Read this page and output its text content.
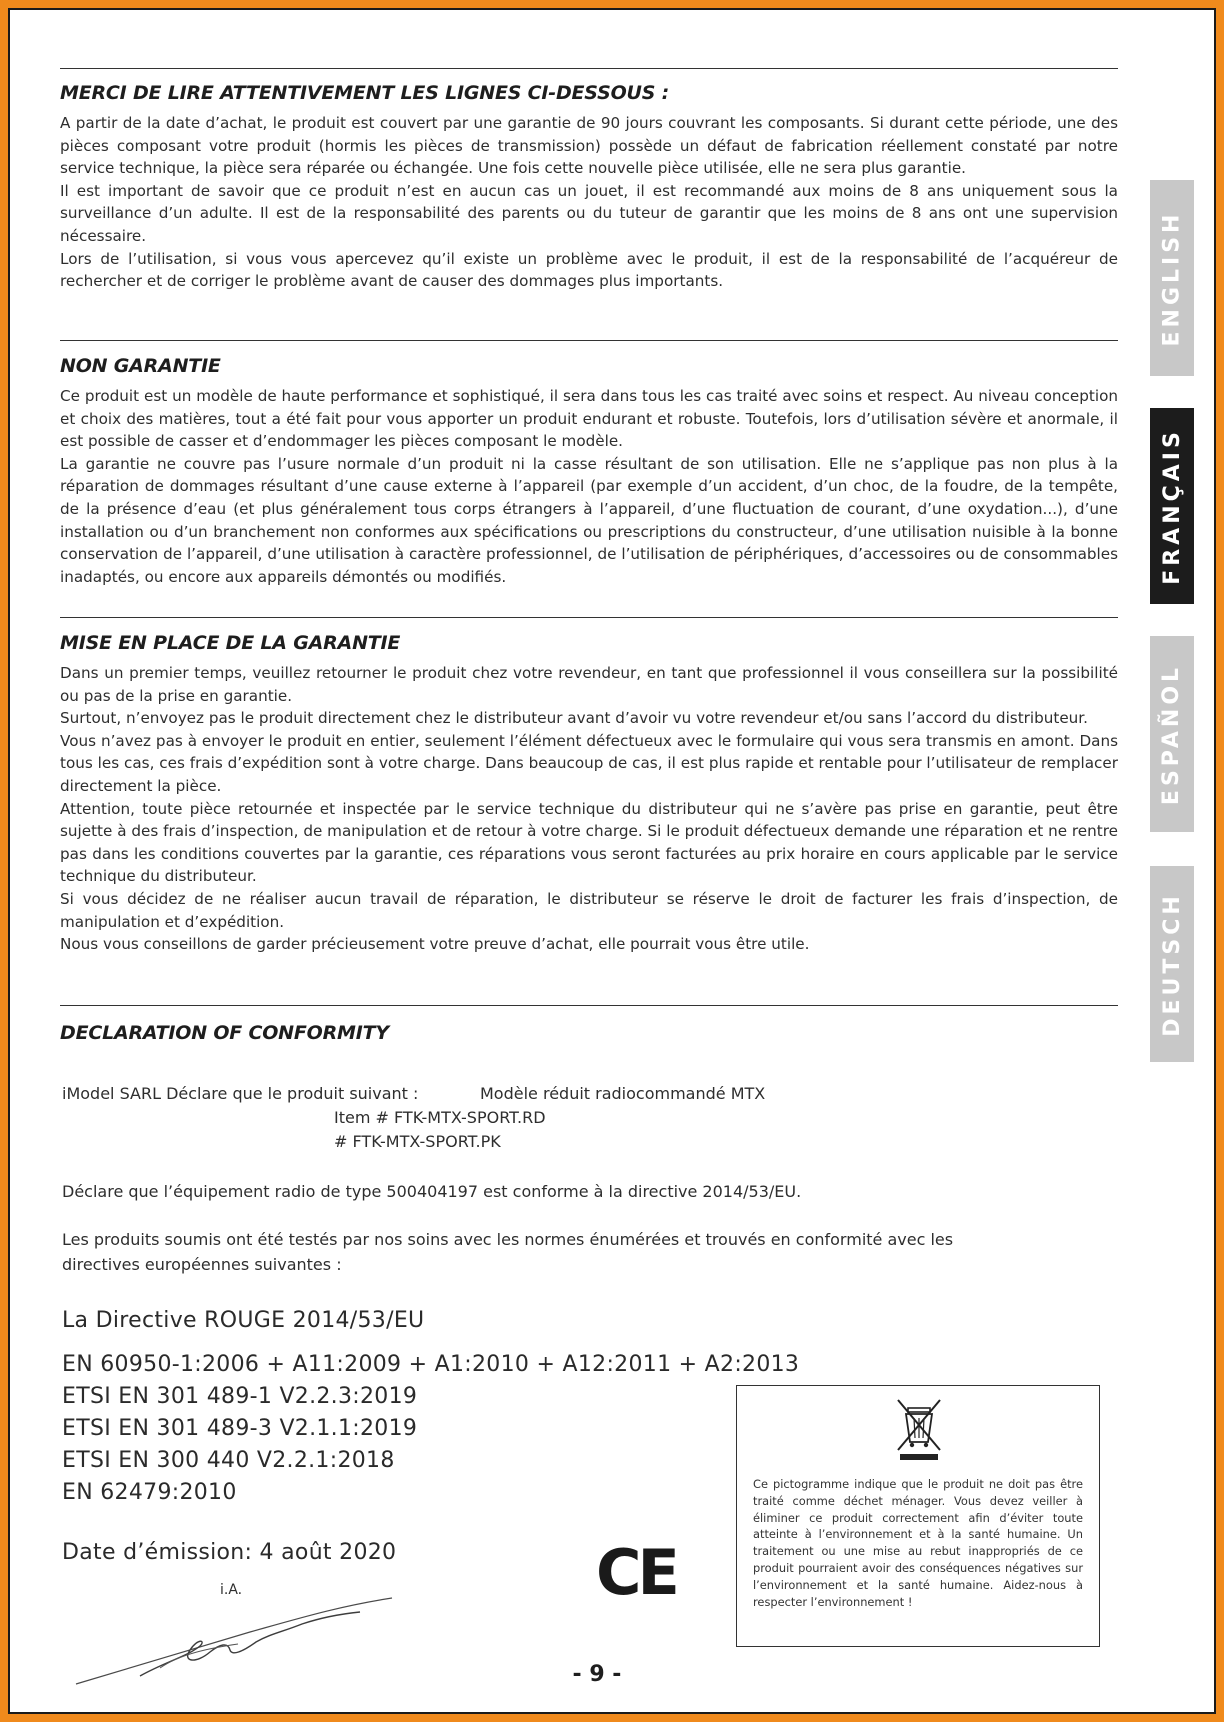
MERCI DE LIRE ATTENTIVEMENT LES LIGNES CI-DESSOUS :

A partir de la date d’achat, le produit est couvert par une garantie de 90 jours couvrant les composants. Si durant cette période, une des pièces composant votre produit (hormis les pièces de transmission) possède un défaut de fabrication réellement constaté par notre service technique, la pièce sera réparée ou échangée. Une fois cette nouvelle pièce utilisée, elle ne sera plus garantie.

Il est important de savoir que ce produit n’est en aucun cas un jouet, il est recommandé aux moins de 8 ans uniquement sous la surveillance d’un adulte. Il est de la responsabilité des parents ou du tuteur de garantir que les moins de 8 ans ont une supervision nécessaire.

Lors de l’utilisation, si vous vous apercevez qu’il existe un problème avec le produit, il est de la responsabilité de l’acquéreur de rechercher et de corriger le problème avant de causer des dommages plus importants.

NON GARANTIE

Ce produit est un modèle de haute performance et sophistiqué, il sera dans tous les cas traité avec soins et respect. Au niveau conception et choix des matières, tout a été fait pour vous apporter un produit endurant et robuste. Toutefois, lors d’utilisation sévère et anormale, il est possible de casser et d’endommager les pièces composant le modèle.

La garantie ne couvre pas l’usure normale d’un produit ni la casse résultant de son utilisation. Elle ne s’applique pas non plus à la réparation de dommages résultant d’une cause externe à l’appareil (par exemple d’un accident, d’un choc, de la foudre, de la tempête, de la présence d’eau (et plus généralement tous corps étrangers à l’appareil, d’une fluctuation de courant, d’une oxydation...), d’une installation ou d’un branchement non conformes aux spécifications ou prescriptions du constructeur, d’une utilisation nuisible à la bonne conservation de l’appareil, d’une utilisation à caractère professionnel, de l’utilisation de périphériques, d’accessoires ou de consommables inadaptés, ou encore aux appareils démontés ou modifiés.

MISE EN PLACE DE LA GARANTIE

Dans un premier temps, veuillez retourner le produit chez votre revendeur, en tant que professionnel il vous conseillera sur la possibilité ou pas de la prise en garantie.

Surtout, n’envoyez pas le produit directement chez le distributeur avant d’avoir vu votre revendeur et/ou sans l’accord du distributeur.

Vous n’avez pas à envoyer le produit en entier, seulement l’élément défectueux avec le formulaire qui vous sera transmis en amont. Dans tous les cas, ces frais d’expédition sont à votre charge. Dans beaucoup de cas, il est plus rapide et rentable pour l’utilisateur de remplacer directement la pièce.

Attention, toute pièce retournée et inspectée par le service technique du distributeur qui ne s’avère pas prise en garantie, peut être sujette à des frais d’inspection, de manipulation et de retour à votre charge. Si le produit défectueux demande une réparation et ne rentre pas dans les conditions couvertes par la garantie, ces réparations vous seront facturées au prix horaire en cours applicable par le service technique du distributeur.

Si vous décidez de ne réaliser aucun travail de réparation, le distributeur se réserve le droit de facturer les frais d’inspection, de manipulation et d’expédition.

Nous vous conseillons de garder précieusement votre preuve d’achat, elle pourrait vous être utile.

DECLARATION OF CONFORMITY
iModel SARL Déclare que le produit suivant :	Modèle réduit radiocommandé MTX
Item # FTK-MTX-SPORT.RD
# FTK-MTX-SPORT.PK
Déclare que l’équipement radio de type 500404197 est conforme à la directive 2014/53/EU.
Les produits soumis ont été testés par nos soins avec les normes énumérées et trouvés en conformité avec les
directives européennes suivantes :
La Directive ROUGE 2014/53/EU
EN 60950-1:2006 + A11:2009 + A1:2010 + A12:2011 + A2:2013
ETSI EN 301 489-1 V2.2.3:2019
ETSI EN 301 489-3 V2.1.1:2019
ETSI EN 300 440 V2.2.1:2018
EN 62479:2010
Date d’émission: 4 août 2020
i.A.	CE
Ce pictogramme indique que le produit ne doit pas être traité comme déchet ménager. Vous devez veiller à éliminer ce produit correctement afin d’éviter toute atteinte à l’environnement et à la santé humaine. Un traitement ou une mise au rebut inappropriés de ce produit pourraient avoir des conséquences négatives sur l’environnement et la santé humaine. Aidez-nous à respecter l’environnement !
- 9 -
ENGLISH
FRANÇAIS
ESPAÑOL
DEUTSCH
